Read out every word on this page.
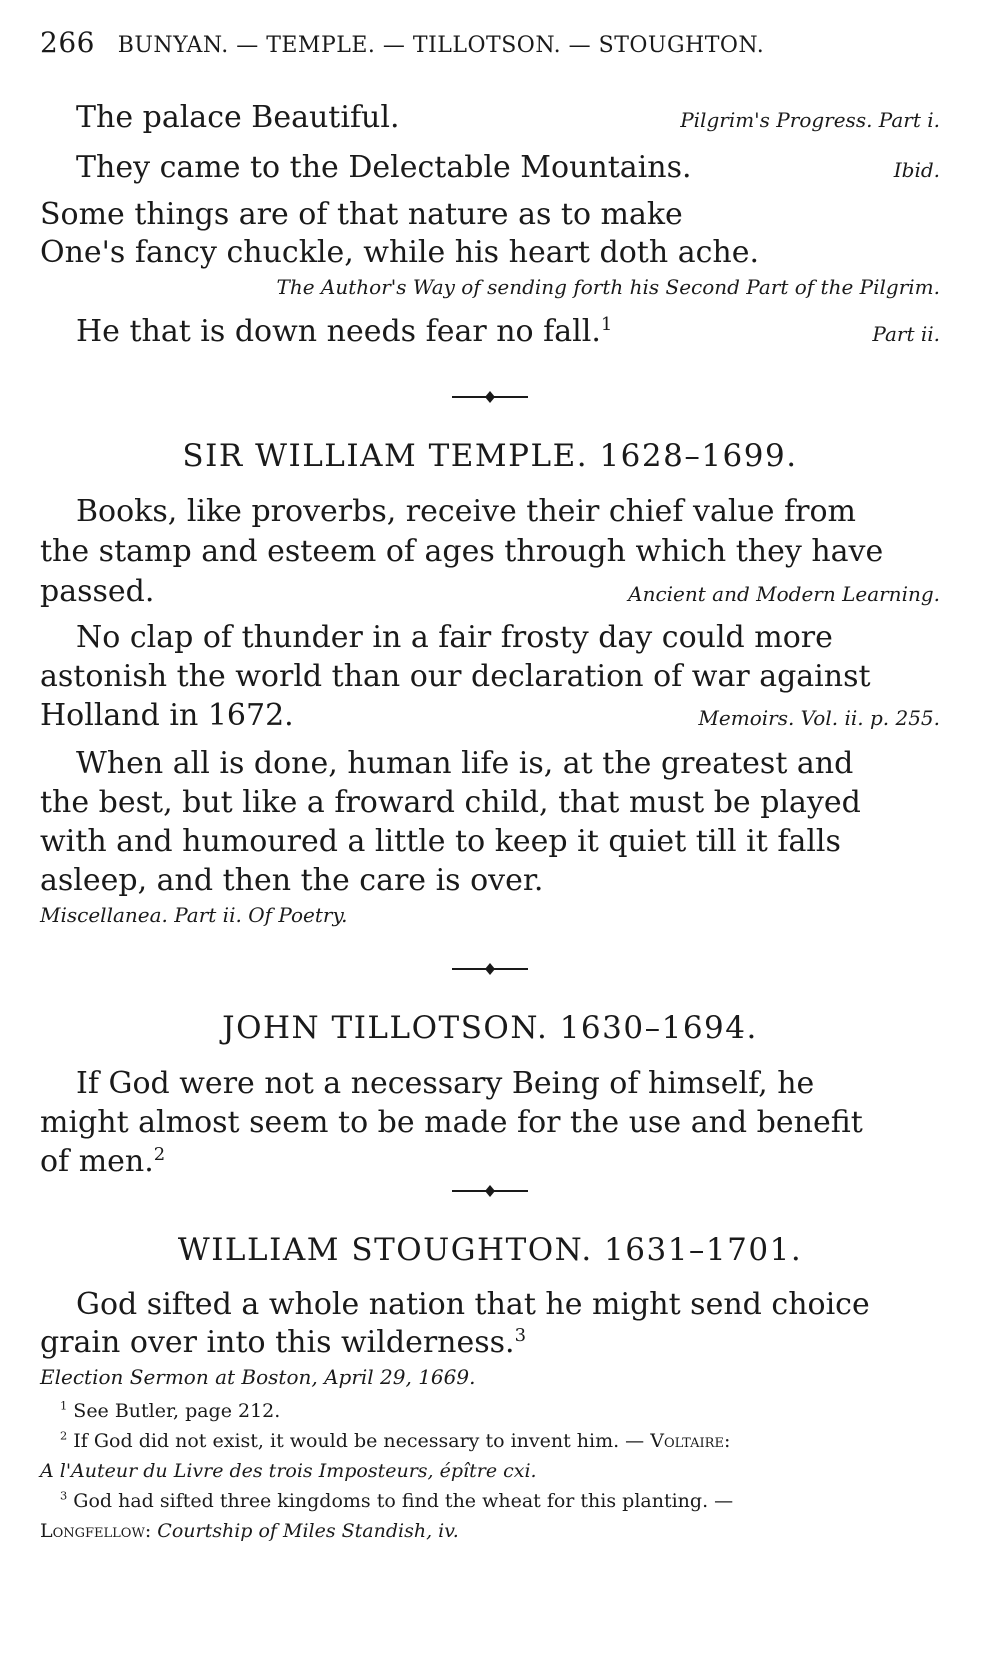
266 BUNYAN. — TEMPLE. — TILLOTSON. — STOUGHTON.
The palace Beautiful.	Pilgrim's Progress. Part i.
They came to the Delectable Mountains.	Ibid.
Some things are of that nature as to make
One's fancy chuckle, while his heart doth ache.
The Author's Way of sending forth his Second Part of the Pilgrim.
He that is down needs fear no fall.$^1$	Part ii.
SIR WILLIAM TEMPLE. 1628–1699.
Books, like proverbs, receive their chief value from
the stamp and esteem of ages through which they have
passed.	Ancient and Modern Learning.
No clap of thunder in a fair frosty day could more
astonish the world than our declaration of war against
Holland in 1672.	Memoirs. Vol. ii. p. 255.
When all is done, human life is, at the greatest and
the best, but like a froward child, that must be played
with and humoured a little to keep it quiet till it falls
asleep, and then the care is over.
Miscellanea. Part ii. Of Poetry.
JOHN TILLOTSON. 1630–1694.
If God were not a necessary Being of himself, he
might almost seem to be made for the use and benefit
of men.$^2$
WILLIAM STOUGHTON. 1631–1701.
God sifted a whole nation that he might send choice
grain over into this wilderness.$^3$
Election Sermon at Boston, April 29, 1669.
$^1$ See Butler, page 212.
$^2$ If God did not exist, it would be necessary to invent him. — Voltaire:
A l'Auteur du Livre des trois Imposteurs, épître cxi.
$^3$ God had sifted three kingdoms to find the wheat for this planting. —
Longfellow: Courtship of Miles Standish, iv.
